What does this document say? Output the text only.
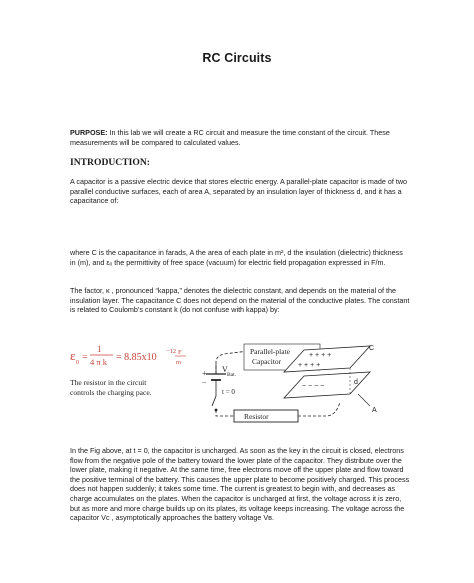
RC Circuits

PURPOSE: In this lab we will create a RC circuit and measure the time constant of the circuit. These measurements will be compared to calculated values.

INTRODUCTION:

A capacitor is a passive electric device that stores electric energy. A parallel-plate capacitor is made of two parallel conductive surfaces, each of area A, separated by an insulation layer of thickness d, and it has a capacitance of:

where C is the capacitance in farads, A the area of each plate in m², d the insulation (dielectric) thickness in (m), and εₒ the permittivity of free space (vacuum) for electric field propagation expressed in F/m.

The factor, κ , pronounced “kappa,” denotes the dielectric constant, and depends on the material of the insulation layer. The capacitance C does not depend on the material of the conductive plates. The constant is related to Coulomb’s constant k (do not confuse with kappa) by:

ε 0 =
1
4 π k = 8.85x10
−12 F
m
The resistor in the circuit
controls the charging pace.
+
−
V
Bat.
t = 0
Parallel-plate
Capacitor
+ + + +
+ + + +
− − − −
C
d
A
Resistor

In the Fig above, at t = 0, the capacitor is uncharged. As soon as the key in the circuit is closed, electrons flow from the negative pole of the battery toward the lower plate of the capacitor. They distribute over the lower plate, making it negative. At the same time, free electrons move off the upper plate and flow toward the positive terminal of the battery. This causes the upper plate to become positively charged. This process does not happen suddenly; it takes some time. The current is greatest to begin with, and decreases as charge accumulates on the plates. When the capacitor is uncharged at first, the voltage across it is zero, but as more and more charge builds up on its plates, its voltage keeps increasing. The voltage across the capacitor Vᴄ , asymptotically approaches the battery voltage Vʙ.
